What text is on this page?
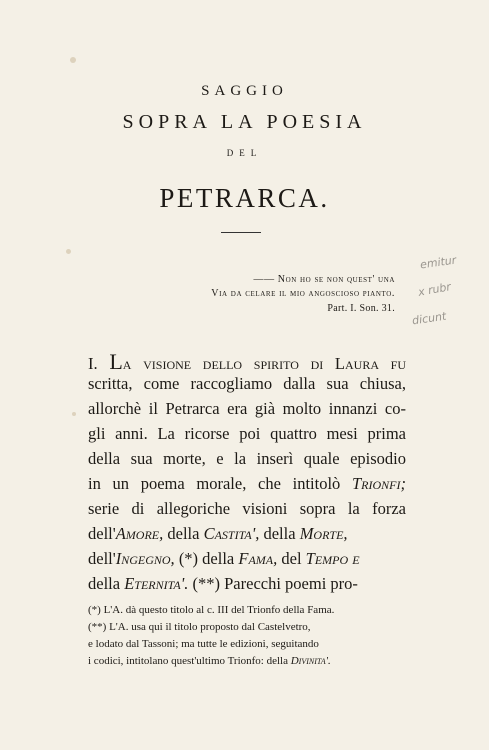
SAGGIO
SOPRA LA POESIA
DEL
PETRARCA.
—— Non ho se non quest' una
Via da celare il mio angoscioso pianto.
Part. I. Son. 31.
I. La visione dello spirito di Laura fu
scritta, come raccogliamo dalla sua chiusa,
allorchè il Petrarca era già molto innanzi co-
gli anni. La ricorse poi quattro mesi prima
della sua morte, e la inserì quale episodio
in un poema morale, che intitolò Trionfi;
serie di allegoriche visioni sopra la forza
dell'Amore, della Castita', della Morte,
dell'Ingegno, (*) della Fama, del Tempo e
della Eternita'. (**) Parecchi poemi pro-
(*) L'A. dà questo titolo al c. III del Trionfo della Fama.
(**) L'A. usa qui il titolo proposto dal Castelvetro,
e lodato dal Tassoni; ma tutte le edizioni, seguitando
i codici, intitolano quest'ultimo Trionfo: della Divinita'.
emitur
x rubr
dicunt
